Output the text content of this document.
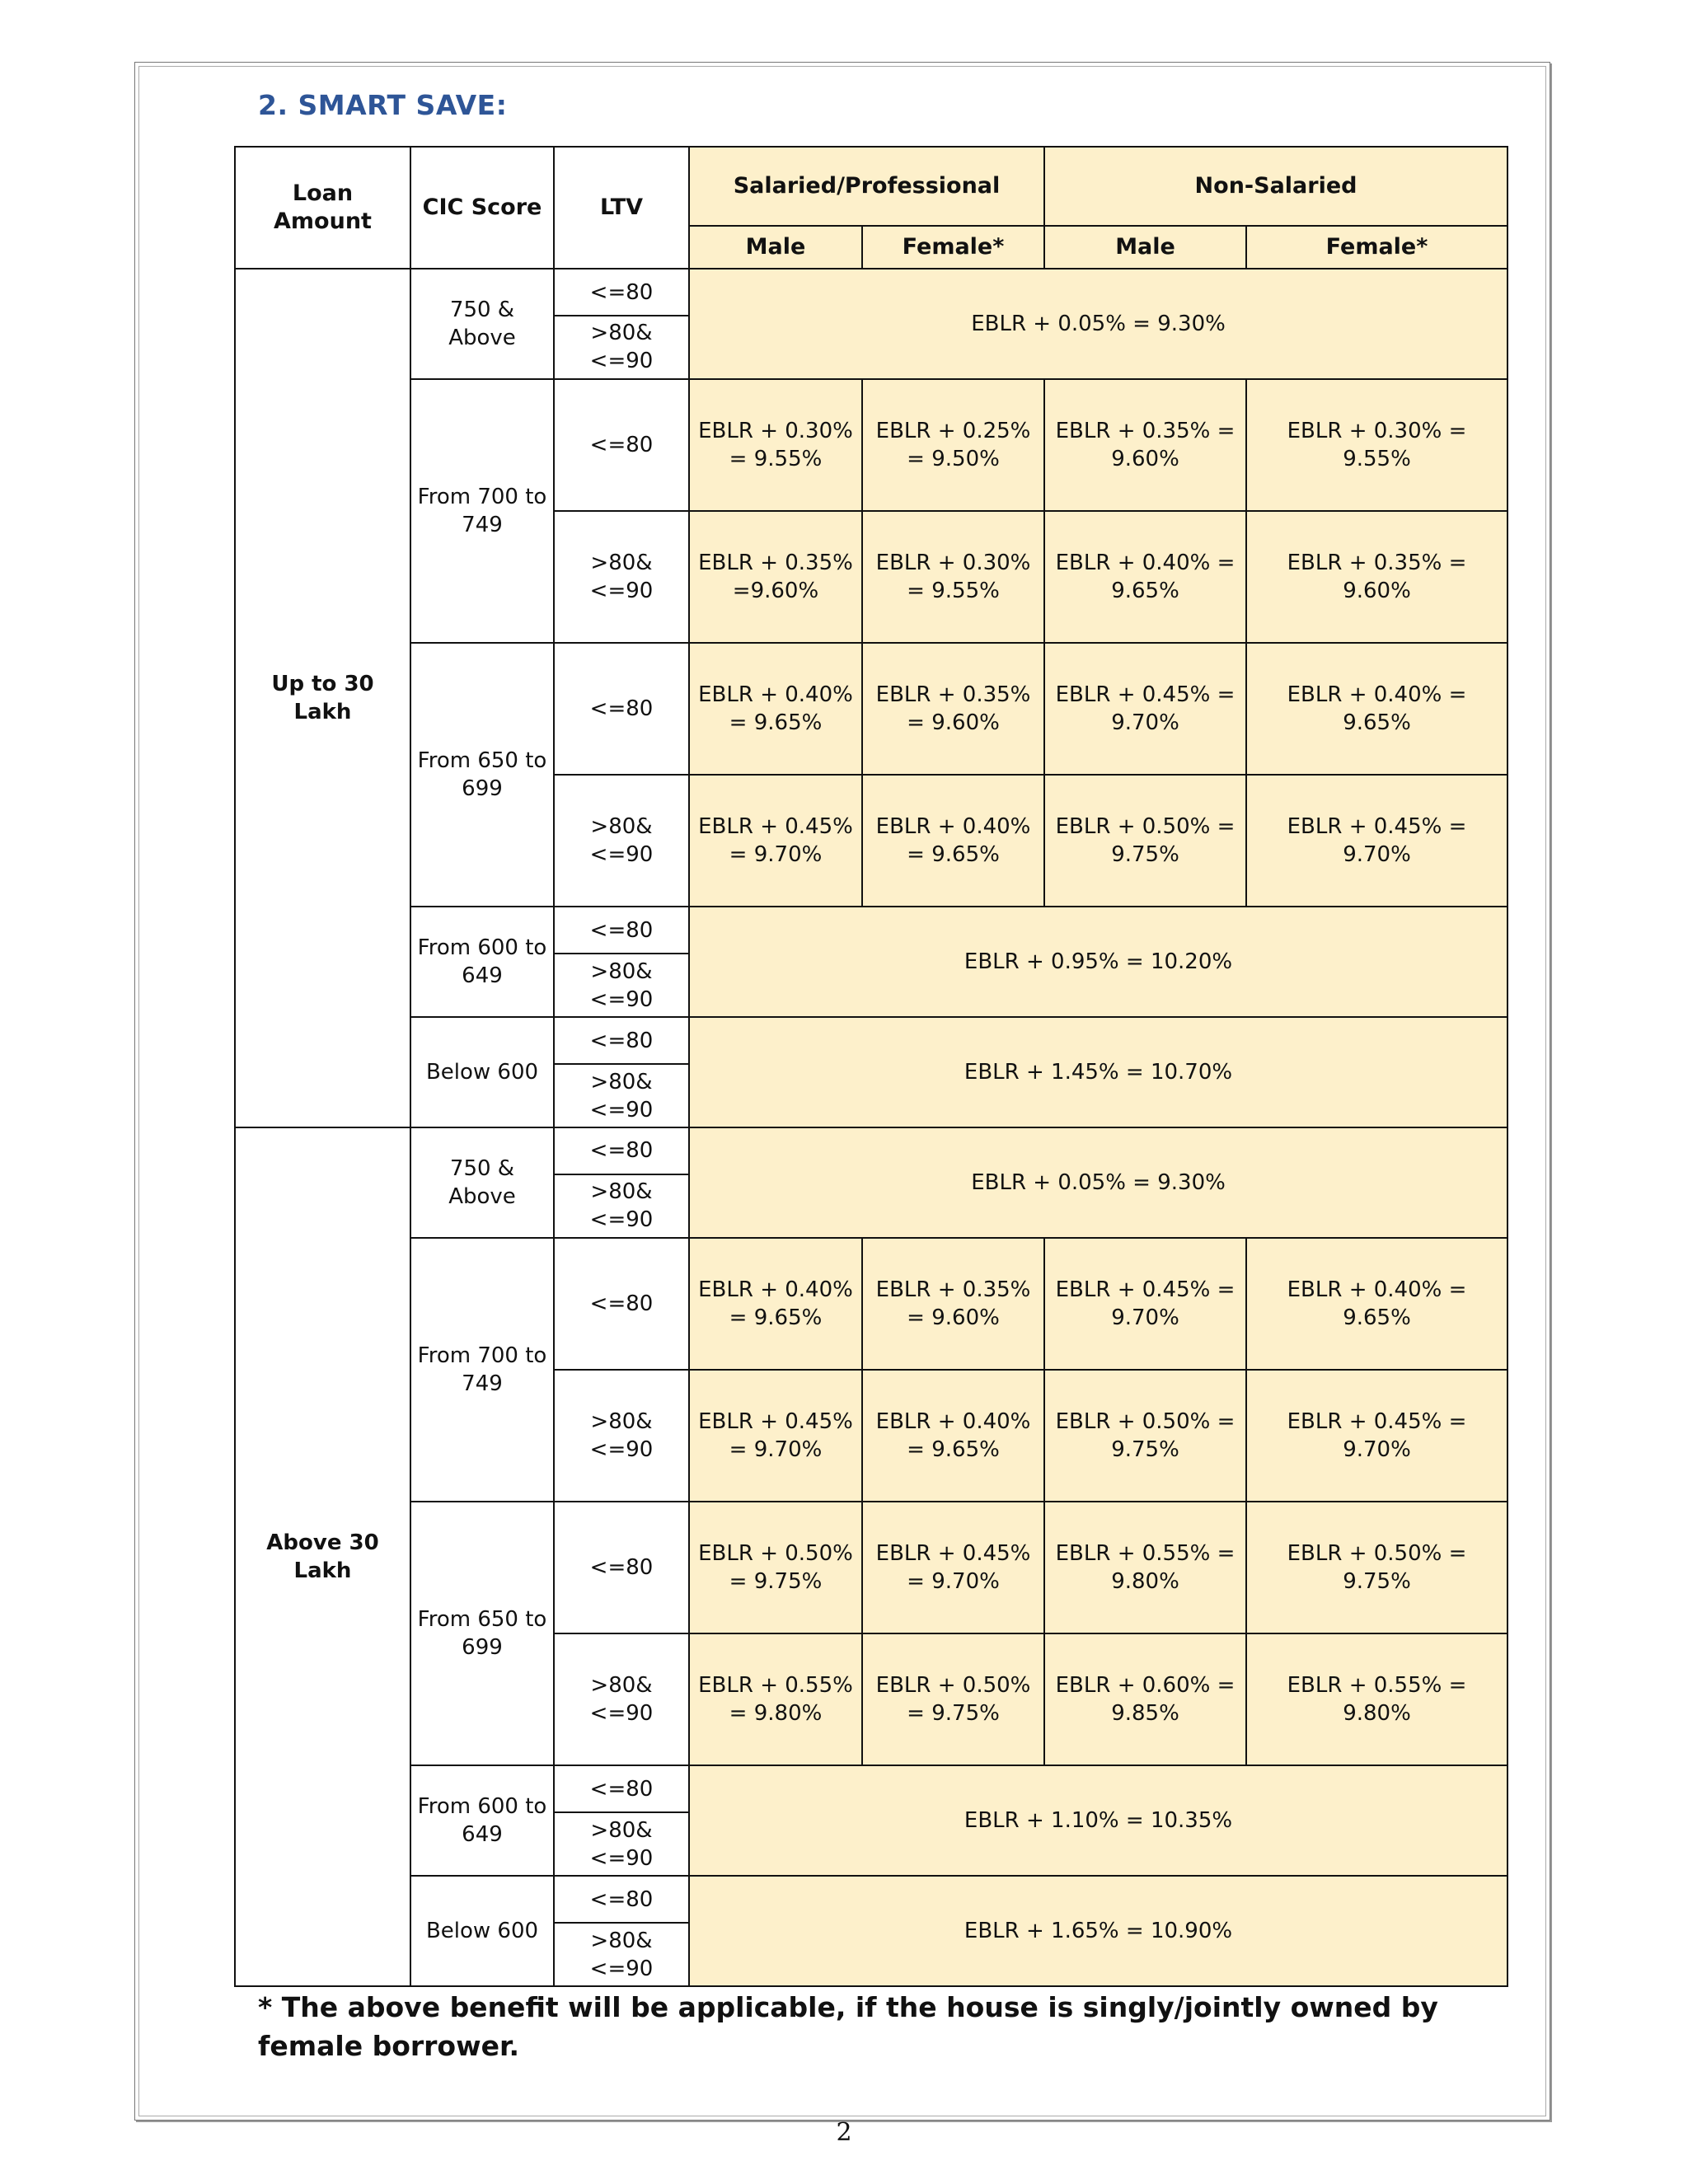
2. SMART SAVE:
Loan Amount	CIC Score	LTV	Salaried/Professional		Non-Salaried	
			Male	Female*	Male	Female*
Up to 30 Lakh	750 & Above	<=80	EBLR + 0.05% = 9.30%			
		>80&<=90				
	From 700 to 749	<=80	EBLR + 0.30% = 9.55%	EBLR + 0.25% = 9.50%	EBLR + 0.35% = 9.60%	EBLR + 0.30% = 9.55%
		>80&<=90	EBLR + 0.35% =9.60%	EBLR + 0.30% = 9.55%	EBLR + 0.40% = 9.65%	EBLR + 0.35% = 9.60%
	From 650 to 699	<=80	EBLR + 0.40% = 9.65%	EBLR + 0.35% = 9.60%	EBLR + 0.45% = 9.70%	EBLR + 0.40% = 9.65%
		>80&<=90	EBLR + 0.45% = 9.70%	EBLR + 0.40% = 9.65%	EBLR + 0.50% = 9.75%	EBLR + 0.45% = 9.70%
	From 600 to 649	<=80	EBLR + 0.95% = 10.20%			
		>80&<=90				
	Below 600	<=80	EBLR + 1.45% = 10.70%			
		>80&<=90				
Above 30 Lakh	750 & Above	<=80	EBLR + 0.05% = 9.30%			
		>80&<=90				
	From 700 to 749	<=80	EBLR + 0.40% = 9.65%	EBLR + 0.35% = 9.60%	EBLR + 0.45% = 9.70%	EBLR + 0.40% = 9.65%
		>80&<=90	EBLR + 0.45% = 9.70%	EBLR + 0.40% = 9.65%	EBLR + 0.50% = 9.75%	EBLR + 0.45% = 9.70%
	From 650 to 699	<=80	EBLR + 0.50% = 9.75%	EBLR + 0.45% = 9.70%	EBLR + 0.55% = 9.80%	EBLR + 0.50% = 9.75%
		>80&<=90	EBLR + 0.55% = 9.80%	EBLR + 0.50% = 9.75%	EBLR + 0.60% = 9.85%	EBLR + 0.55% = 9.80%
	From 600 to 649	<=80	EBLR + 1.10% = 10.35%			
		>80&<=90				
	Below 600	<=80	EBLR + 1.65% = 10.90%			
		>80&<=90				

* The above benefit will be applicable, if the house is singly/jointly owned by female borrower.

2
